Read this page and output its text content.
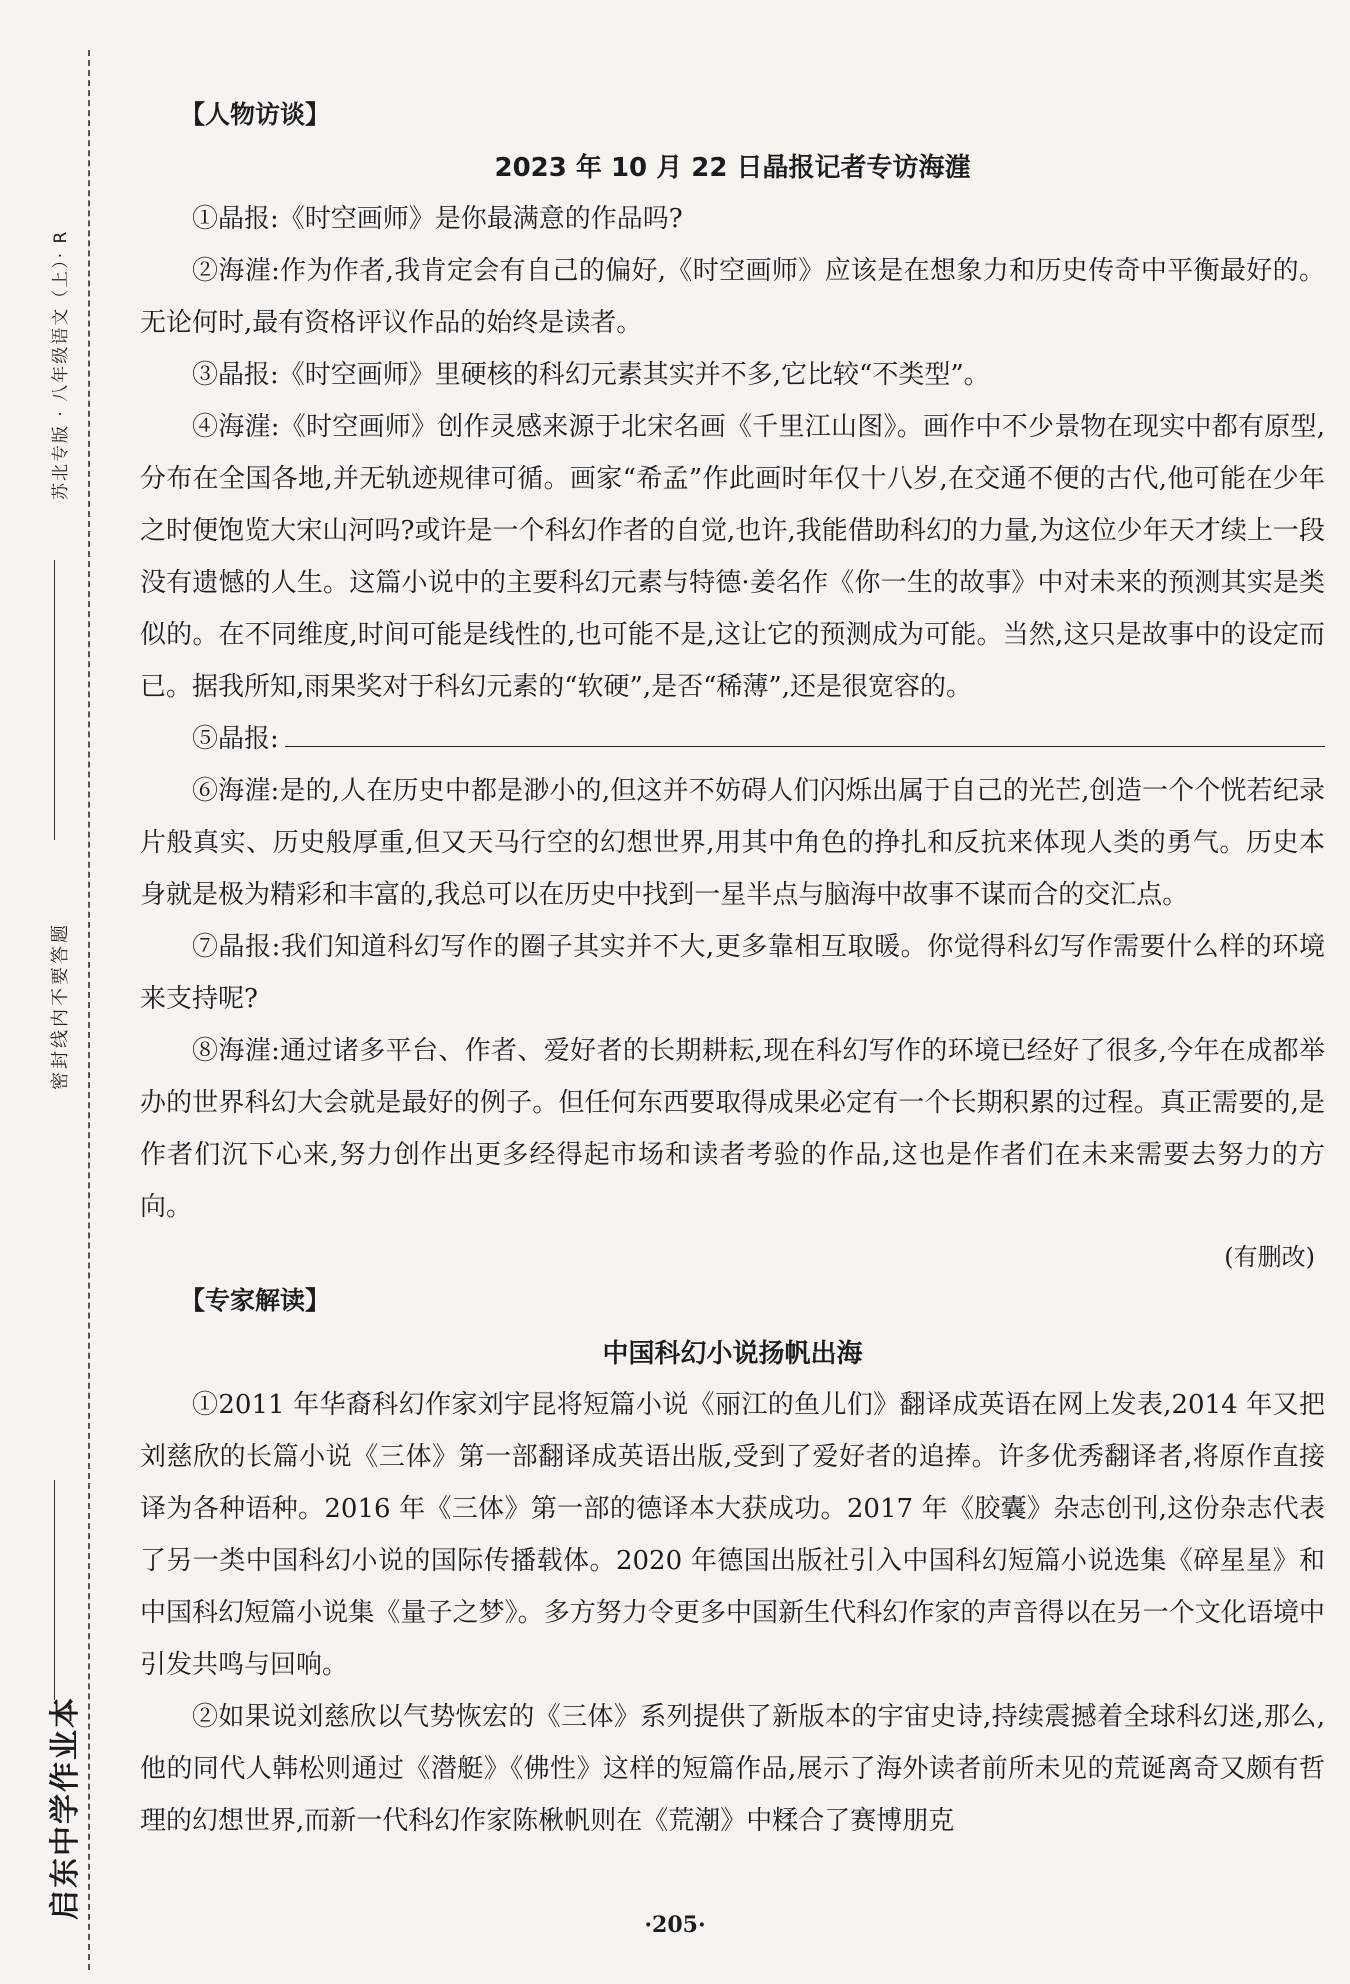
启东中学作业本
密封线内不要答题
苏北专版 · 八年级语文（上）· R
【人物访谈】
2023 年 10 月 22 日晶报记者专访海漄

①晶报:《时空画师》是你最满意的作品吗?

②海漄:作为作者,我肯定会有自己的偏好,《时空画师》应该是在想象力和历史传奇中平衡最好的。无论何时,最有资格评议作品的始终是读者。

③晶报:《时空画师》里硬核的科幻元素其实并不多,它比较“不类型”。

④海漄:《时空画师》创作灵感来源于北宋名画《千里江山图》。画作中不少景物在现实中都有原型,分布在全国各地,并无轨迹规律可循。画家“希孟”作此画时年仅十八岁,在交通不便的古代,他可能在少年之时便饱览大宋山河吗?或许是一个科幻作者的自觉,也许,我能借助科幻的力量,为这位少年天才续上一段没有遗憾的人生。这篇小说中的主要科幻元素与特德·姜名作《你一生的故事》中对未来的预测其实是类似的。在不同维度,时间可能是线性的,也可能不是,这让它的预测成为可能。当然,这只是故事中的设定而已。据我所知,雨果奖对于科幻元素的“软硬”,是否“稀薄”,还是很宽容的。

⑤晶报:

⑥海漄:是的,人在历史中都是渺小的,但这并不妨碍人们闪烁出属于自己的光芒,创造一个个恍若纪录片般真实、历史般厚重,但又天马行空的幻想世界,用其中角色的挣扎和反抗来体现人类的勇气。历史本身就是极为精彩和丰富的,我总可以在历史中找到一星半点与脑海中故事不谋而合的交汇点。

⑦晶报:我们知道科幻写作的圈子其实并不大,更多靠相互取暖。你觉得科幻写作需要什么样的环境来支持呢?

⑧海漄:通过诸多平台、作者、爱好者的长期耕耘,现在科幻写作的环境已经好了很多,今年在成都举办的世界科幻大会就是最好的例子。但任何东西要取得成果必定有一个长期积累的过程。真正需要的,是作者们沉下心来,努力创作出更多经得起市场和读者考验的作品,这也是作者们在未来需要去努力的方向。

(有删改)
【专家解读】
中国科幻小说扬帆出海

①2011 年华裔科幻作家刘宇昆将短篇小说《丽江的鱼儿们》翻译成英语在网上发表,2014 年又把刘慈欣的长篇小说《三体》第一部翻译成英语出版,受到了爱好者的追捧。许多优秀翻译者,将原作直接译为各种语种。2016 年《三体》第一部的德译本大获成功。2017 年《胶囊》杂志创刊,这份杂志代表了另一类中国科幻小说的国际传播载体。2020 年德国出版社引入中国科幻短篇小说选集《碎星星》和中国科幻短篇小说集《量子之梦》。多方努力令更多中国新生代科幻作家的声音得以在另一个文化语境中引发共鸣与回响。

②如果说刘慈欣以气势恢宏的《三体》系列提供了新版本的宇宙史诗,持续震撼着全球科幻迷,那么,他的同代人韩松则通过《潜艇》《佛性》这样的短篇作品,展示了海外读者前所未见的荒诞离奇又颇有哲理的幻想世界,而新一代科幻作家陈楸帆则在《荒潮》中糅合了赛博朋克

·205·
